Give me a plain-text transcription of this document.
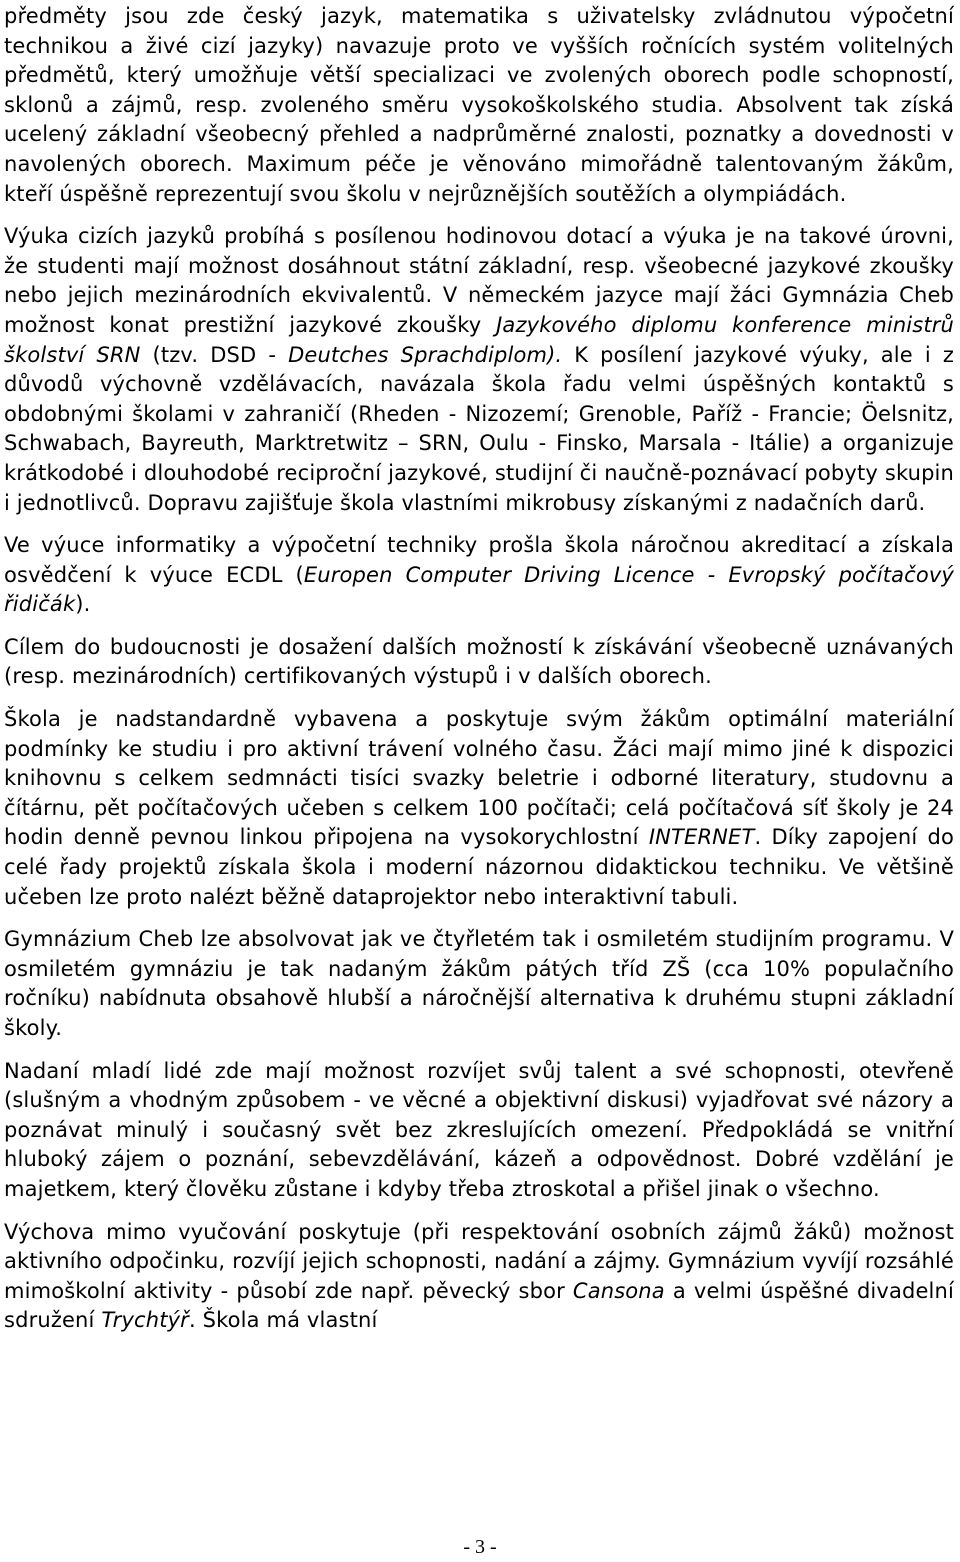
předměty jsou zde český jazyk, matematika s uživatelsky zvládnutou výpočetní technikou a živé cizí jazyky) navazuje proto ve vyšších ročnících systém volitelných předmětů, který umožňuje větší specializaci ve zvolených oborech podle schopností, sklonů a zájmů, resp. zvoleného směru vysokoškolského studia. Absolvent tak získá ucelený základní všeobecný přehled a nadprůměrné znalosti, poznatky a dovednosti v navolených oborech. Maximum péče je věnováno mimořádně talentovaným žákům, kteří úspěšně reprezentují svou školu v nejrůznějších soutěžích a olympiádách.

Výuka cizích jazyků probíhá s posílenou hodinovou dotací a výuka je na takové úrovni, že studenti mají možnost dosáhnout státní základní, resp. všeobecné jazykové zkoušky nebo jejich mezinárodních ekvivalentů. V německém jazyce mají žáci Gymnázia Cheb možnost konat prestižní jazykové zkoušky Jazykového diplomu konference ministrů školství SRN (tzv. DSD - Deutches Sprachdiplom). K posílení jazykové výuky, ale i z důvodů výchovně vzdělávacích, navázala škola řadu velmi úspěšných kontaktů s obdobnými školami v zahraničí (Rheden - Nizozemí; Grenoble, Paříž - Francie; Öelsnitz, Schwabach, Bayreuth, Marktretwitz – SRN, Oulu - Finsko, Marsala - Itálie) a organizuje krátkodobé i dlouhodobé reciproční jazykové, studijní či naučně-poznávací pobyty skupin i jednotlivců. Dopravu zajišťuje škola vlastními mikrobusy získanými z nadačních darů.

Ve výuce informatiky a výpočetní techniky prošla škola náročnou akreditací a získala osvědčení k výuce ECDL (Europen Computer Driving Licence - Evropský počítačový řidičák).

Cílem do budoucnosti je dosažení dalších možností k získávání všeobecně uznávaných (resp. mezinárodních) certifikovaných výstupů i v dalších oborech.

Škola je nadstandardně vybavena a poskytuje svým žákům optimální materiální podmínky ke studiu i pro aktivní trávení volného času. Žáci mají mimo jiné k dispozici knihovnu s celkem sedmnácti tisíci svazky beletrie i odborné literatury, studovnu a čítárnu, pět počítačových učeben s celkem 100 počítači; celá počítačová síť školy je 24 hodin denně pevnou linkou připojena na vysokorychlostní INTERNET. Díky zapojení do celé řady projektů získala škola i moderní názornou didaktickou techniku. Ve většině učeben lze proto nalézt běžně dataprojektor nebo interaktivní tabuli.

Gymnázium Cheb lze absolvovat jak ve čtyřletém tak i osmiletém studijním programu. V osmiletém gymnáziu je tak nadaným žákům pátých tříd ZŠ (cca 10% populačního ročníku) nabídnuta obsahově hlubší a náročnější alternativa k druhému stupni základní školy.

Nadaní mladí lidé zde mají možnost rozvíjet svůj talent a své schopnosti, otevřeně (slušným a vhodným způsobem - ve věcné a objektivní diskusi) vyjadřovat své názory a poznávat minulý i současný svět bez zkreslujících omezení. Předpokládá se vnitřní hluboký zájem o poznání, sebevzdělávání, kázeň a odpovědnost. Dobré vzdělání je majetkem, který člověku zůstane i kdyby třeba ztroskotal a přišel jinak o všechno.

Výchova mimo vyučování poskytuje (při respektování osobních zájmů žáků) možnost aktivního odpočinku, rozvíjí jejich schopnosti, nadání a zájmy. Gymnázium vyvíjí rozsáhlé mimoškolní aktivity - působí zde např. pěvecký sbor Cansona a velmi úspěšné divadelní sdružení Trychtýř. Škola má vlastní

- 3 -
